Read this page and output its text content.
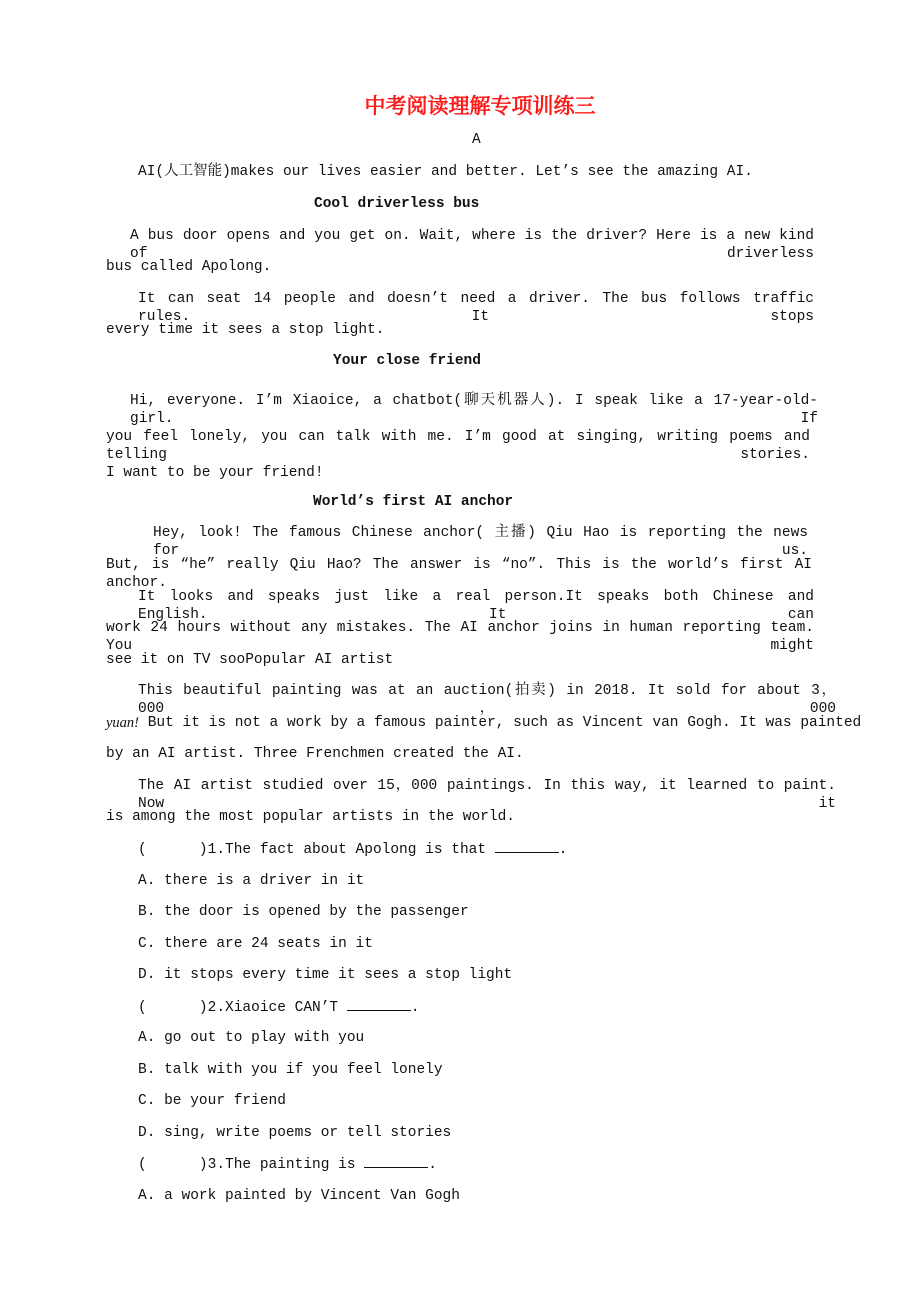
中考阅读理解专项训练三
A
AI(人工智能)makes our lives easier and better. Let’s see the amazing AI.
Cool driverless bus
A bus door opens and you get on. Wait, where is the driver? Here is a new kind of driverless
bus called Apolong.
It can seat 14 people and doesn’t need a driver. The bus follows traffic rules. It stops
every time it sees a stop light.
Your close friend
Hi, everyone. I’m Xiaoice, a chatbot(聊天机器人). I speak like a 17-year-old-girl. If
you feel lonely, you can talk with me. I’m good at singing, writing poems and telling stories.
I want to be your friend!
World’s first AI anchor
Hey, look! The famous Chinese anchor( 主播) Qiu Hao is reporting the news for us.
But, is “he” really Qiu Hao? The answer is “no”. This is the world’s first AI anchor.
It looks and speaks just like a real person.It speaks both Chinese and English. It can
work 24 hours without any mistakes. The AI anchor joins in human reporting team. You might
see it on TV sooPopular AI artist
This beautiful painting was at an auction(拍卖) in 2018. It sold for about 3，000，000
yuan! But it is not a work by a famous painter, such as Vincent van Gogh. It was painted
by an AI artist. Three Frenchmen created the AI.
The AI artist studied over 15，000 paintings. In this way, it learned to paint. Now it
is among the most popular artists in the world.
(      )1.The fact about Apolong is that	.
A. there is a driver in it
B. the door is opened by the passenger
C. there are 24 seats in it
D. it stops every time it sees a stop light
(      )2.Xiaoice CAN’T	.
A. go out to play with you
B. talk with you if you feel lonely
C. be your friend
D. sing, write poems or tell stories
(      )3.The painting is	.
A. a work painted by Vincent Van Gogh
